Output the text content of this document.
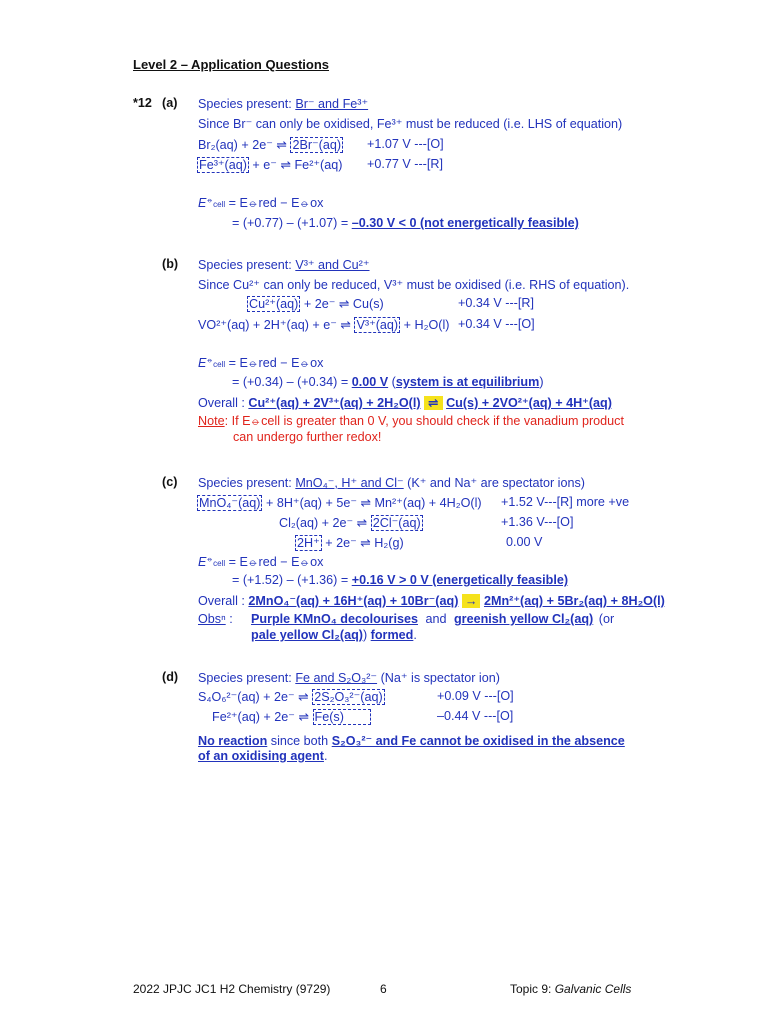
Level 2 – Application Questions
*12 (a) Species present: Br⁻ and Fe³⁺
Since Br⁻ can only be oxidised, Fe³⁺ must be reduced (i.e. LHS of equation)
Br₂(aq) + 2e⁻ ⇌ 2Br⁻(aq) +1.07 V ---[O]
Fe³⁺(aq) + e⁻ ⇌ Fe²⁺(aq) +0.77 V ---[R]
E⦵cell = E⦵red − E⦵ox
= (+0.77) – (+1.07) = –0.30 V < 0 (not energetically feasible)
(b) Species present: V³⁺ and Cu²⁺
Since Cu²⁺ can only be reduced, V³⁺ must be oxidised (i.e. RHS of equation).
Cu²⁺(aq) + 2e⁻ ⇌ Cu(s)	+0.34 V ---[R]
VO²⁺(aq) + 2H⁺(aq) + e⁻ ⇌ V³⁺(aq) + H₂O(l) +0.34 V ---[O]
E⦵cell = E⦵red − E⦵ox
= (+0.34) – (+0.34) = 0.00 V (system is at equilibrium)
Overall : Cu²⁺(aq) + 2V³⁺(aq) + 2H₂O(l) ⇌ Cu(s) + 2VO²⁺(aq) + 4H⁺(aq)
Note: If E⦵cell is greater than 0 V, you should check if the vanadium product
can undergo further redox!
(c) Species present: MnO₄⁻, H⁺ and Cl⁻ (K⁺ and Na⁺ are spectator ions)
MnO₄⁻(aq) + 8H⁺(aq) + 5e⁻ ⇌ Mn²⁺(aq) + 4H₂O(l) +1.52 V---[R] more +ve
Cl₂(aq) + 2e⁻ ⇌ 2Cl⁻(aq)	+1.36 V---[O]
2H⁺ + 2e⁻ ⇌ H₂(g)	0.00 V
E⦵cell = E⦵red − E⦵ox
= (+1.52) – (+1.36) = +0.16 V > 0 V (energetically feasible)
Overall : 2MnO₄⁻(aq) + 16H⁺(aq) + 10Br⁻(aq) → 2Mn²⁺(aq) + 5Br₂(aq) + 8H₂O(l)
Obsⁿ : Purple KMnO₄ decolourises and greenish yellow Cl₂(aq) (or
pale yellow Cl₂(aq)) formed.
(d) Species present: Fe and S₂O₃²⁻ (Na⁺ is spectator ion)
S₄O₆²⁻(aq) + 2e⁻ ⇌ 2S₂O₃²⁻(aq)	+0.09 V ---[O]
Fe²⁺(aq) + 2e⁻ ⇌ Fe(s)	–0.44 V ---[O]
No reaction since both S₂O₃²⁻ and Fe cannot be oxidised in the absence
of an oxidising agent.
2022 JPJC JC1 H2 Chemistry (9729)	6	Topic 9: Galvanic Cells
